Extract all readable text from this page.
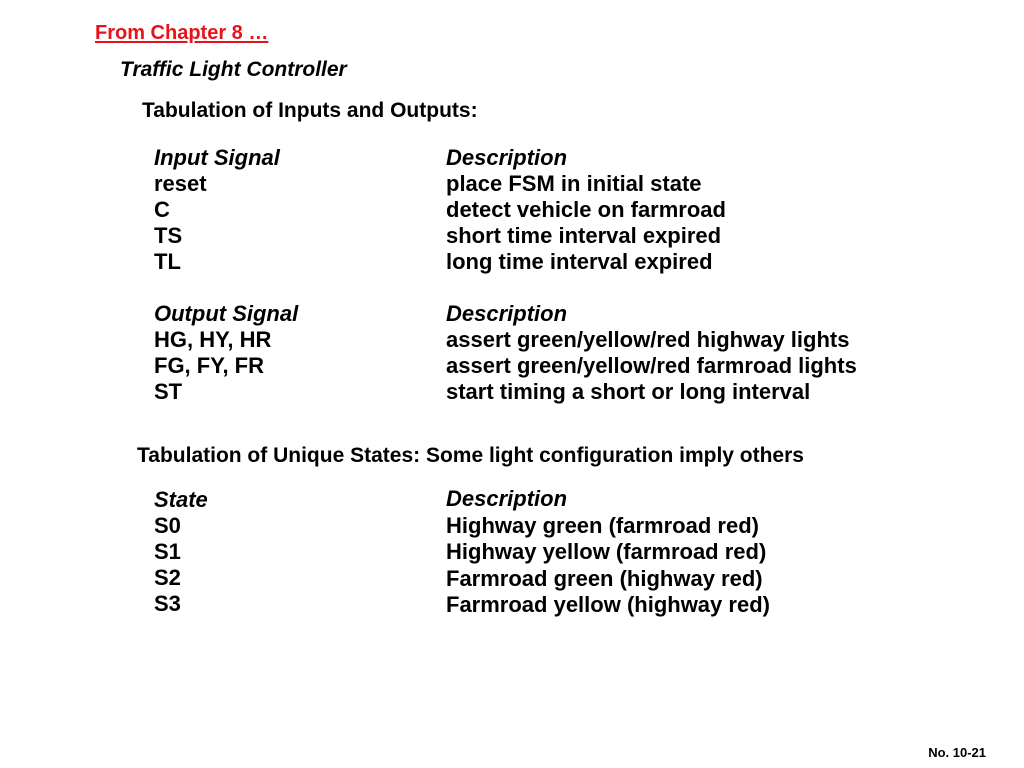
From Chapter 8 …
Traffic Light Controller
Tabulation of Inputs and Outputs:
Input Signal
reset
C
TS
TL
Description
place FSM in initial state
detect vehicle on farmroad
short time interval expired
long time interval expired
Output Signal
HG, HY, HR
FG, FY, FR
ST
Description
assert green/yellow/red highway lights
assert green/yellow/red farmroad lights
start timing a short or long interval
Tabulation of Unique States: Some light configuration imply others
State
S0
S1
S2
S3
Description
Highway green (farmroad red)
Highway yellow (farmroad red)
Farmroad green (highway red)
Farmroad yellow (highway red)
No. 10-21
